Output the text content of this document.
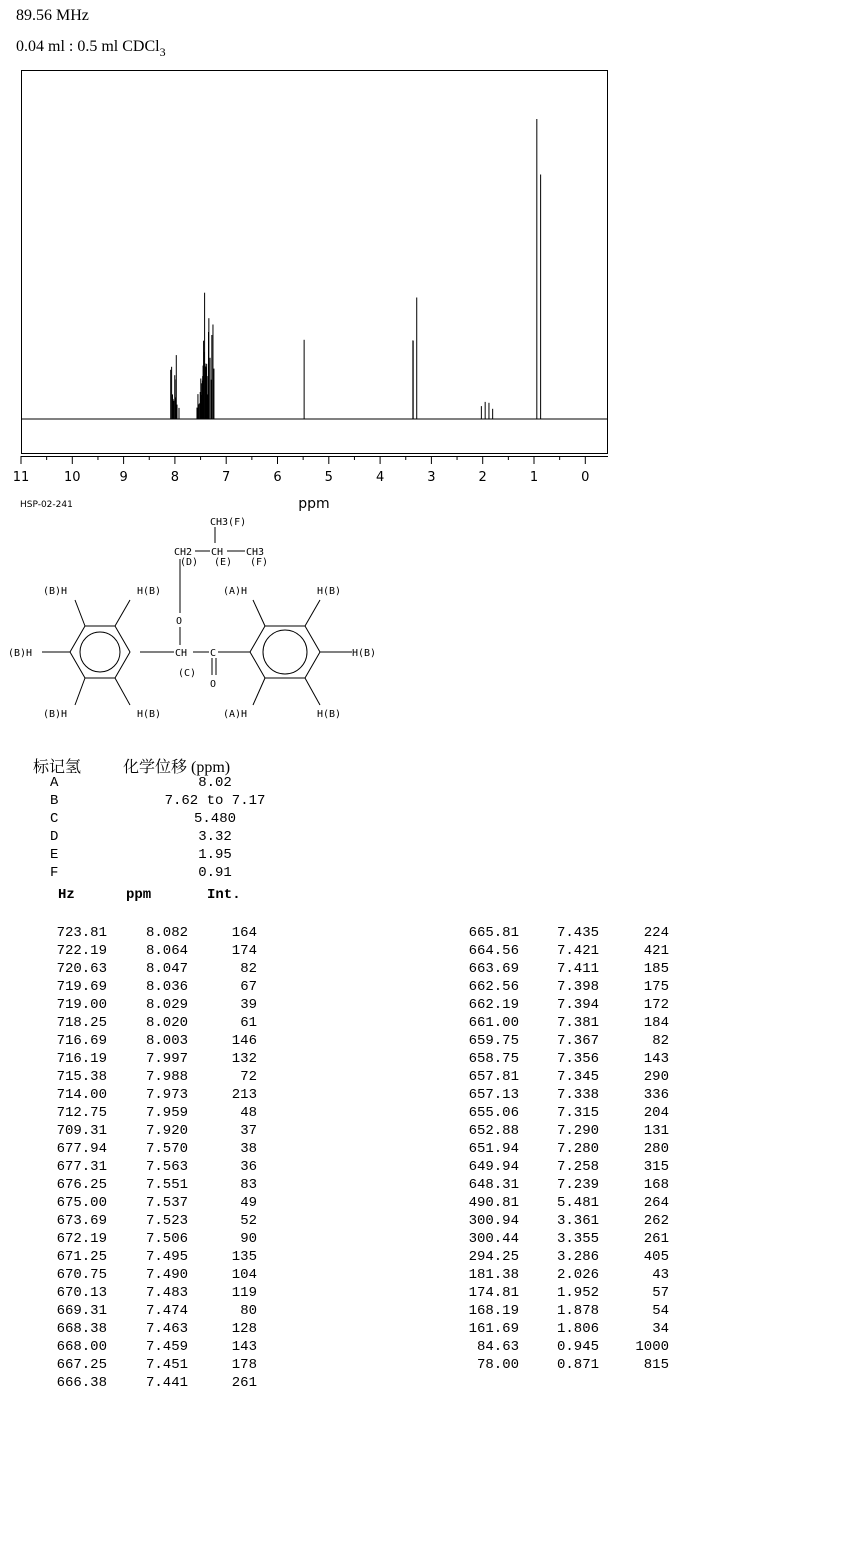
89.56 MHz
0.04 ml : 0.5 ml CDCl$_3$
11	10	9	8	7	6	5	4	3	2	1	0
ppm
HSP-02-241
CH3(F)
CH2 CH CH3
(D) (E) (F)
O
CH C
(C)
O
(B)H	H(B)
(B)H
(B)H	H(B)
(A)H	H(B)
H(B)
(A)H	H(B)
标记氢	化学位移 (ppm)
A	8.02
B	7.62 to 7.17
C	5.480
D	3.32
E	1.95
F	0.91
Hz	ppm	Int.
723.81	8.082	164
722.19	8.064	174
720.63	8.047	82
719.69	8.036	67
719.00	8.029	39
718.25	8.020	61
716.69	8.003	146
716.19	7.997	132
715.38	7.988	72
714.00	7.973	213
712.75	7.959	48
709.31	7.920	37
677.94	7.570	38
677.31	7.563	36
676.25	7.551	83
675.00	7.537	49
673.69	7.523	52
672.19	7.506	90
671.25	7.495	135
670.75	7.490	104
670.13	7.483	119
669.31	7.474	80
668.38	7.463	128
668.00	7.459	143
667.25	7.451	178
666.38	7.441	261
665.81	7.435	224
664.56	7.421	421
663.69	7.411	185
662.56	7.398	175
662.19	7.394	172
661.00	7.381	184
659.75	7.367	82
658.75	7.356	143
657.81	7.345	290
657.13	7.338	336
655.06	7.315	204
652.88	7.290	131
651.94	7.280	280
649.94	7.258	315
648.31	7.239	168
490.81	5.481	264
300.94	3.361	262
300.44	3.355	261
294.25	3.286	405
181.38	2.026	43
174.81	1.952	57
168.19	1.878	54
161.69	1.806	34
84.63	0.945	1000
78.00	0.871	815
